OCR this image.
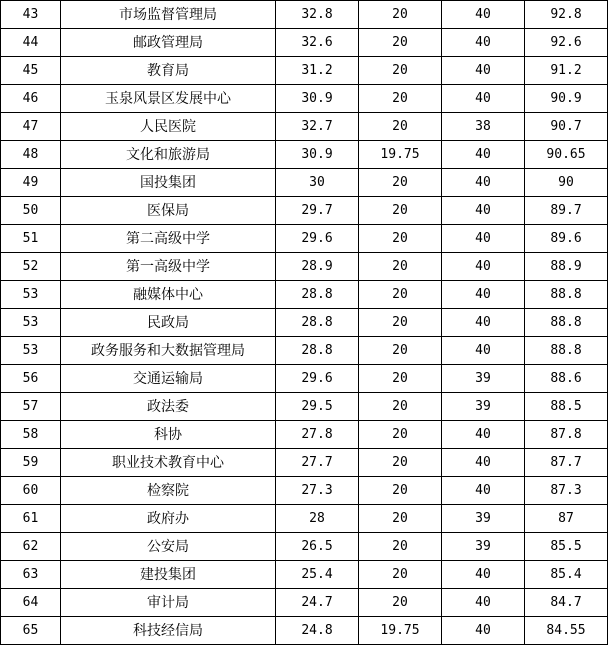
43	市场监督管理局	32.8	20	40	92.8
44	邮政管理局	32.6	20	40	92.6
45	教育局	31.2	20	40	91.2
46	玉泉风景区发展中心	30.9	20	40	90.9
47	人民医院	32.7	20	38	90.7
48	文化和旅游局	30.9	19.75	40	90.65
49	国投集团	30	20	40	90
50	医保局	29.7	20	40	89.7
51	第二高级中学	29.6	20	40	89.6
52	第一高级中学	28.9	20	40	88.9
53	融媒体中心	28.8	20	40	88.8
53	民政局	28.8	20	40	88.8
53	政务服务和大数据管理局	28.8	20	40	88.8
56	交通运输局	29.6	20	39	88.6
57	政法委	29.5	20	39	88.5
58	科协	27.8	20	40	87.8
59	职业技术教育中心	27.7	20	40	87.7
60	检察院	27.3	20	40	87.3
61	政府办	28	20	39	87
62	公安局	26.5	20	39	85.5
63	建投集团	25.4	20	40	85.4
64	审计局	24.7	20	40	84.7
65	科技经信局	24.8	19.75	40	84.55
